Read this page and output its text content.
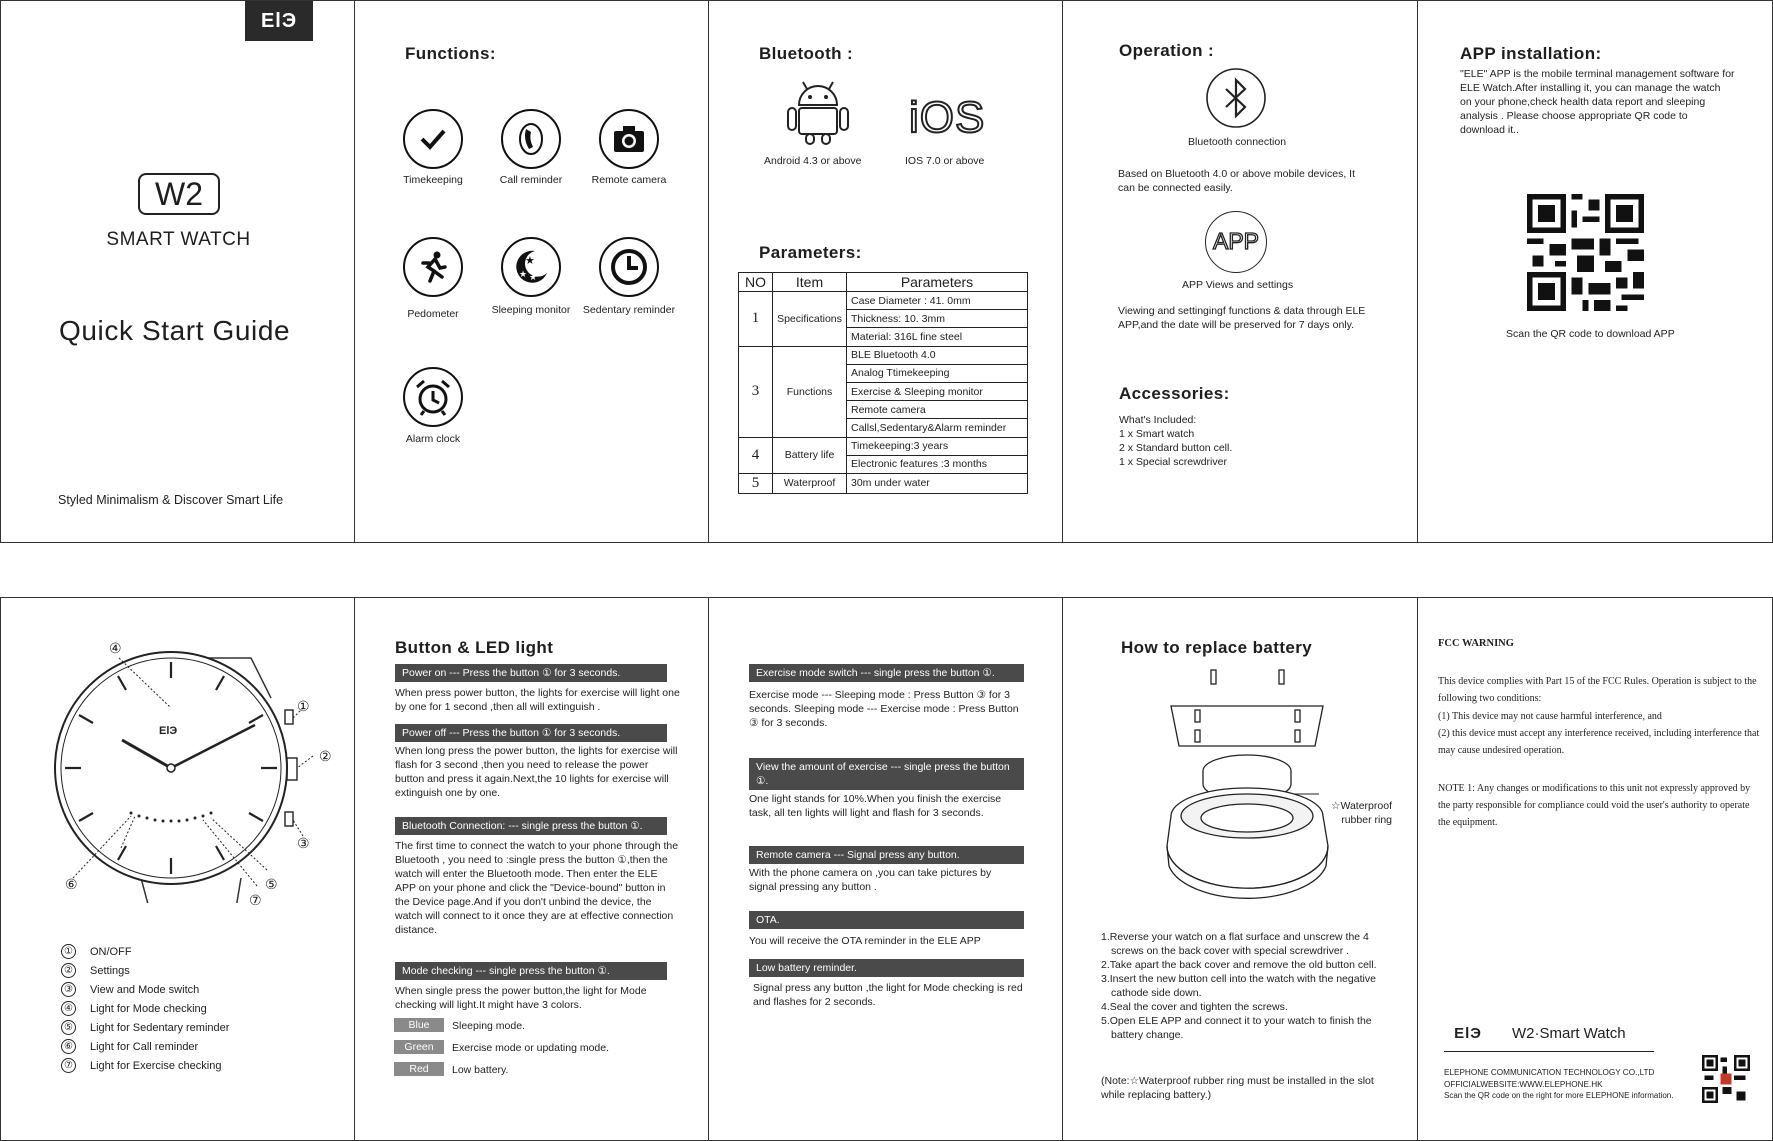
ЕlЭ
W2
SMART WATCH
Quick Start Guide
Styled Minimalism & Discover Smart Life
Functions:
Timekeeping	Call reminder	Remote camera
Pedometer
★
★ ★
Sleeping monitor	Sedentary reminder
Alarm clock
Bluetooth :
Android 4.3 or above
iOS
IOS 7.0 or above
Parameters:
NO	Item	Parameters
1	Specifications	Case Diameter : 41. 0mm
		Thickness: 10. 3mm
		Material: 316L fine steel
3	Functions	BLE Bluetooth 4.0
		Analog Ttimekeeping
		Exercise & Sleeping monitor
		Remote camera
		Callsl,Sedentary&Alarm reminder
4	Battery life	Timekeeping:3 years
		Electronic features :3 months
5	Waterproof	30m under water
Operation :
Bluetooth connection
Based on Bluetooth 4.0 or above mobile devices, It can be connected easily.
APP
APP Views and settings
Viewing and settingingf functions & data through ELE APP,and the date will be preserved for 7 days only.
Accessories:
What's Included:
1 x Smart watch
2 x Standard button cell.
1 x Special screwdriver
APP installation:
"ELE" APP is the mobile terminal management software for ELE Watch.After installing it, you can manage the watch on your phone,check health data report and sleeping analysis . Please choose appropriate QR code to download it..
Scan the QR code to download APP
ЕlЭ
④
①
②
③
⑤
⑦
⑥
① ON/OFF
② Settings
③ View and Mode switch
④ Light for Mode checking
⑤ Light for Sedentary reminder
⑥ Light for Call reminder
⑦ Light for Exercise checking
Button & LED light
Power on --- Press the button ① for 3 seconds.
When press power button, the lights for exercise will light one by one for 1 second ,then all will extinguish .
Power off --- Press the button ① for 3 seconds.
When long press the power button, the lights for exercise will flash for 3 second ,then you need to release the power button and press it again.Next,the 10 lights for exercise will extinguish one by one.
Bluetooth Connection: --- single press the button ①.
The first time to connect the watch to your phone through the Bluetooth , you need to :single press the button ①,then the watch will enter the Bluetooth mode. Then enter the ELE APP on your phone and click the "Device-bound" button in the Device page.And if you don't unbind the device, the watch will connect to it once they are at effective connection distance.
Mode checking --- single press the button ①.
When single press the power button,the light for Mode checking will light.It might have 3 colors.
Blue	Sleeping mode.
Green	Exercise mode or updating mode.
Red	Low battery.
Exercise mode switch --- single press the button ①.
Exercise mode --- Sleeping mode : Press Button ③ for 3 seconds. Sleeping mode --- Exercise mode : Press Button ③ for 3 seconds.
View the amount of exercise --- single press the button ①.
One light stands for 10%.When you finish the exercise task, all ten lights will light and flash for 3 seconds.
Remote camera --- Signal press any button.
With the phone camera on ,you can take pictures by signal pressing any button .
OTA.
You will receive the OTA reminder in the ELE APP
Low battery reminder.
Signal press any button ,the light for Mode checking is red and flashes for 2 seconds.
How to replace battery
☆Waterproof rubber ring
1.Reverse your watch on a flat surface and unscrew the 4 screws on the back cover with special screwdriver .
2.Take apart the back cover and remove the old button cell.
3.Insert the new button cell into the watch with the negative cathode side down.
4.Seal the cover and tighten the screws.
5.Open ELE APP and connect it to your watch to finish the battery change.
(Note:☆Waterproof rubber ring must be installed in the slot while replacing battery.)
FCC WARNING
This device complies with Part 15 of the FCC Rules. Operation is subject to the following two conditions:
(1) This device may not cause harmful interference, and
(2) this device must accept any interference received, including interference that may cause undesired operation.
NOTE 1: Any changes or modifications to this unit not expressly approved by the party responsible for compliance could void the user's authority to operate the equipment.
ЕlЭ	W2·Smart Watch
ELEPHONE COMMUNICATION TECHNOLOGY CO.,LTD
OFFICIALWEBSITE:WWW.ELEPHONE.HK
Scan the QR code on the right for more ELEPHONE information.
